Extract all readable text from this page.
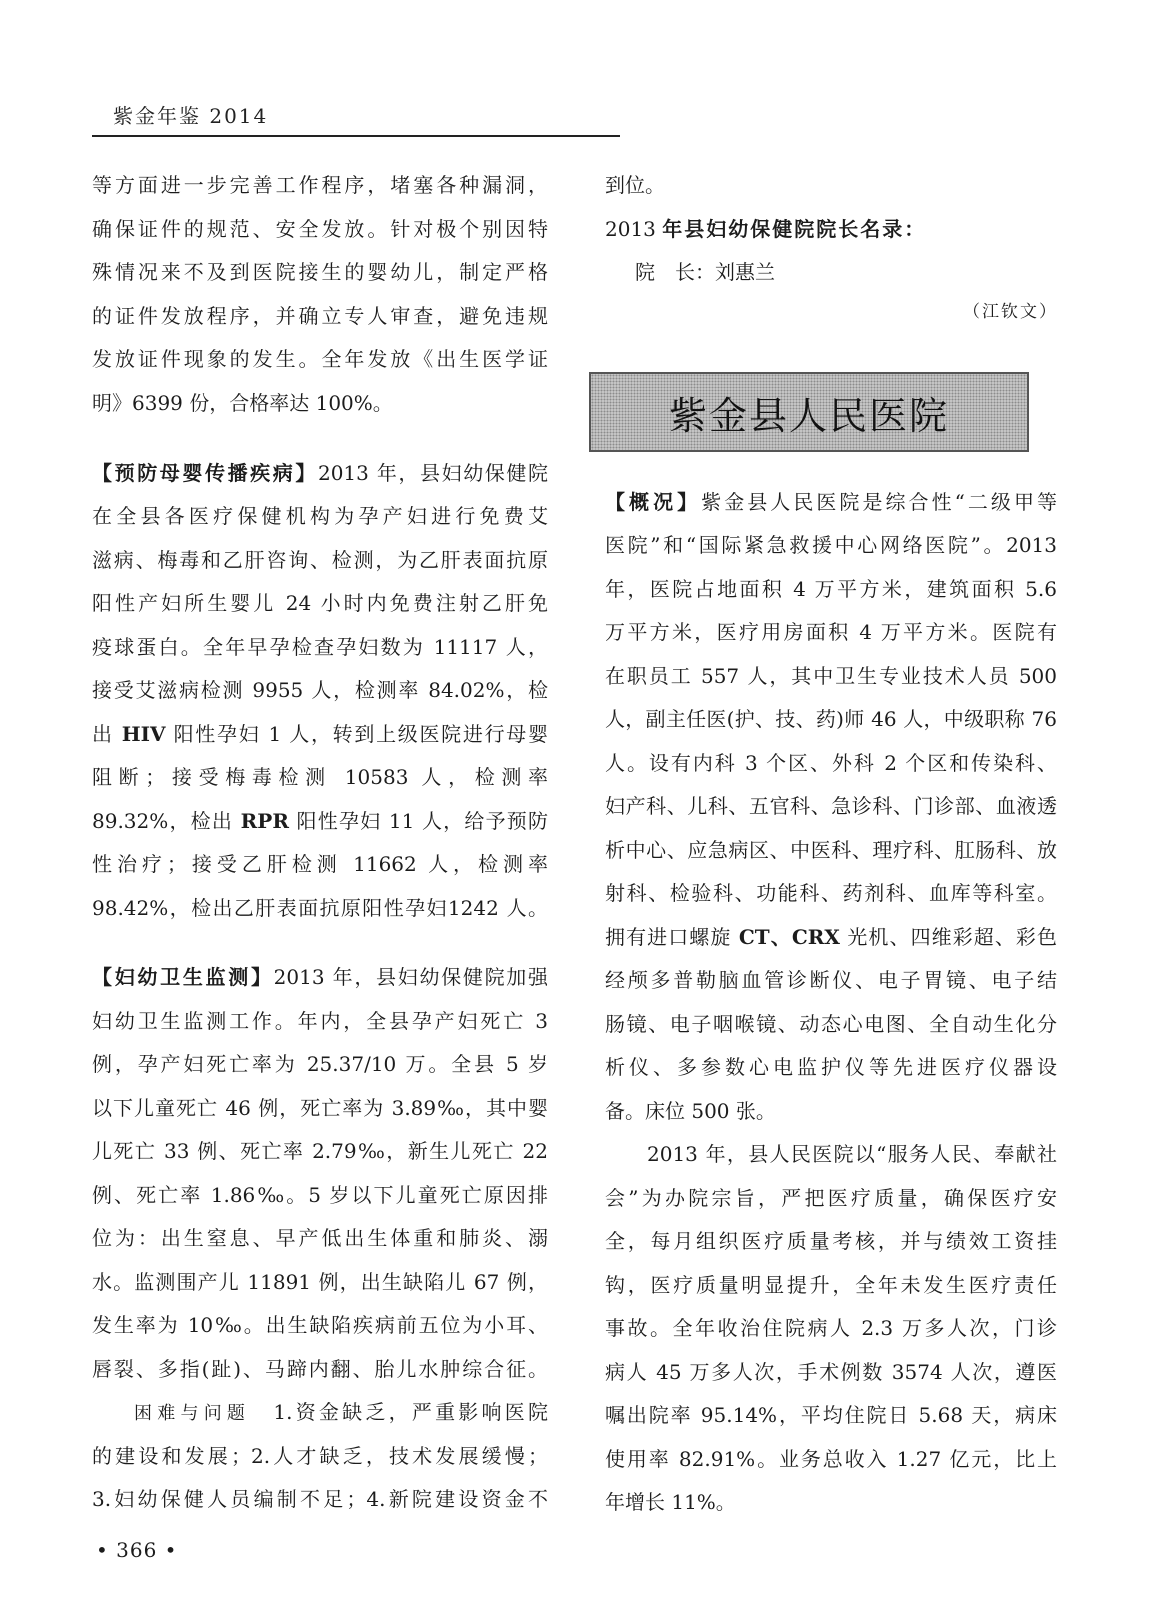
紫金年鉴 2014
等方面进一步完善工作程序，堵塞各种漏洞，
确保证件的规范、安全发放。针对极个别因特
殊情况来不及到医院接生的婴幼儿，制定严格
的证件发放程序，并确立专人审查，避免违规
发放证件现象的发生。全年发放《出生医学证
明》6399 份，合格率达 100%。
【预防母婴传播疾病】2013 年，县妇幼保健院
在全县各医疗保健机构为孕产妇进行免费艾
滋病、梅毒和乙肝咨询、检测，为乙肝表面抗原
阳性产妇所生婴儿 24 小时内免费注射乙肝免
疫球蛋白。全年早孕检查孕妇数为 11117 人，
接受艾滋病检测 9955 人，检测率 84.02%，检
出 HIV 阳性孕妇 1 人，转到上级医院进行母婴
阻断；接受梅毒检测 10583 人，检测率
89.32%，检出 RPR 阳性孕妇 11 人，给予预防
性治疗；接受乙肝检测 11662 人，检测率
98.42%，检出乙肝表面抗原阳性孕妇1242 人。
【妇幼卫生监测】2013 年，县妇幼保健院加强
妇幼卫生监测工作。年内，全县孕产妇死亡 3
例，孕产妇死亡率为 25.37/10 万。全县 5 岁
以下儿童死亡 46 例，死亡率为 3.89‰，其中婴
儿死亡 33 例、死亡率 2.79‰，新生儿死亡 22
例、死亡率 1.86‰。5 岁以下儿童死亡原因排
位为：出生窒息、早产低出生体重和肺炎、溺
水。监测围产儿 11891 例，出生缺陷儿 67 例，
发生率为 10‰。出生缺陷疾病前五位为小耳、
唇裂、多指(趾)、马蹄内翻、胎儿水肿综合征。
困难与问题　 1.资金缺乏，严重影响医院
的建设和发展；2.人才缺乏，技术发展缓慢；
3.妇幼保健人员编制不足；4.新院建设资金不
• 366 •
到位。
2013 年县妇幼保健院院长名录：
院　长：刘惠兰
（江钦文）
紫金县人民医院
【概况】紫金县人民医院是综合性“二级甲等
医院”和“国际紧急救援中心网络医院”。2013
年，医院占地面积 4 万平方米，建筑面积 5.6
万平方米，医疗用房面积 4 万平方米。医院有
在职员工 557 人，其中卫生专业技术人员 500
人，副主任医(护、技、药)师 46 人，中级职称 76
人。设有内科 3 个区、外科 2 个区和传染科、
妇产科、儿科、五官科、急诊科、门诊部、血液透
析中心、应急病区、中医科、理疗科、肛肠科、放
射科、检验科、功能科、药剂科、血库等科室。
拥有进口螺旋 CT、CRX 光机、四维彩超、彩色
经颅多普勒脑血管诊断仪、电子胃镜、电子结
肠镜、电子咽喉镜、动态心电图、全自动生化分
析仪、多参数心电监护仪等先进医疗仪器设
备。床位 500 张。
2013 年，县人民医院以“服务人民、奉献社
会”为办院宗旨，严把医疗质量，确保医疗安
全，每月组织医疗质量考核，并与绩效工资挂
钩，医疗质量明显提升，全年未发生医疗责任
事故。全年收治住院病人 2.3 万多人次，门诊
病人 45 万多人次，手术例数 3574 人次，遵医
嘱出院率 95.14%，平均住院日 5.68 天，病床
使用率 82.91%。业务总收入 1.27 亿元，比上
年增长 11%。
